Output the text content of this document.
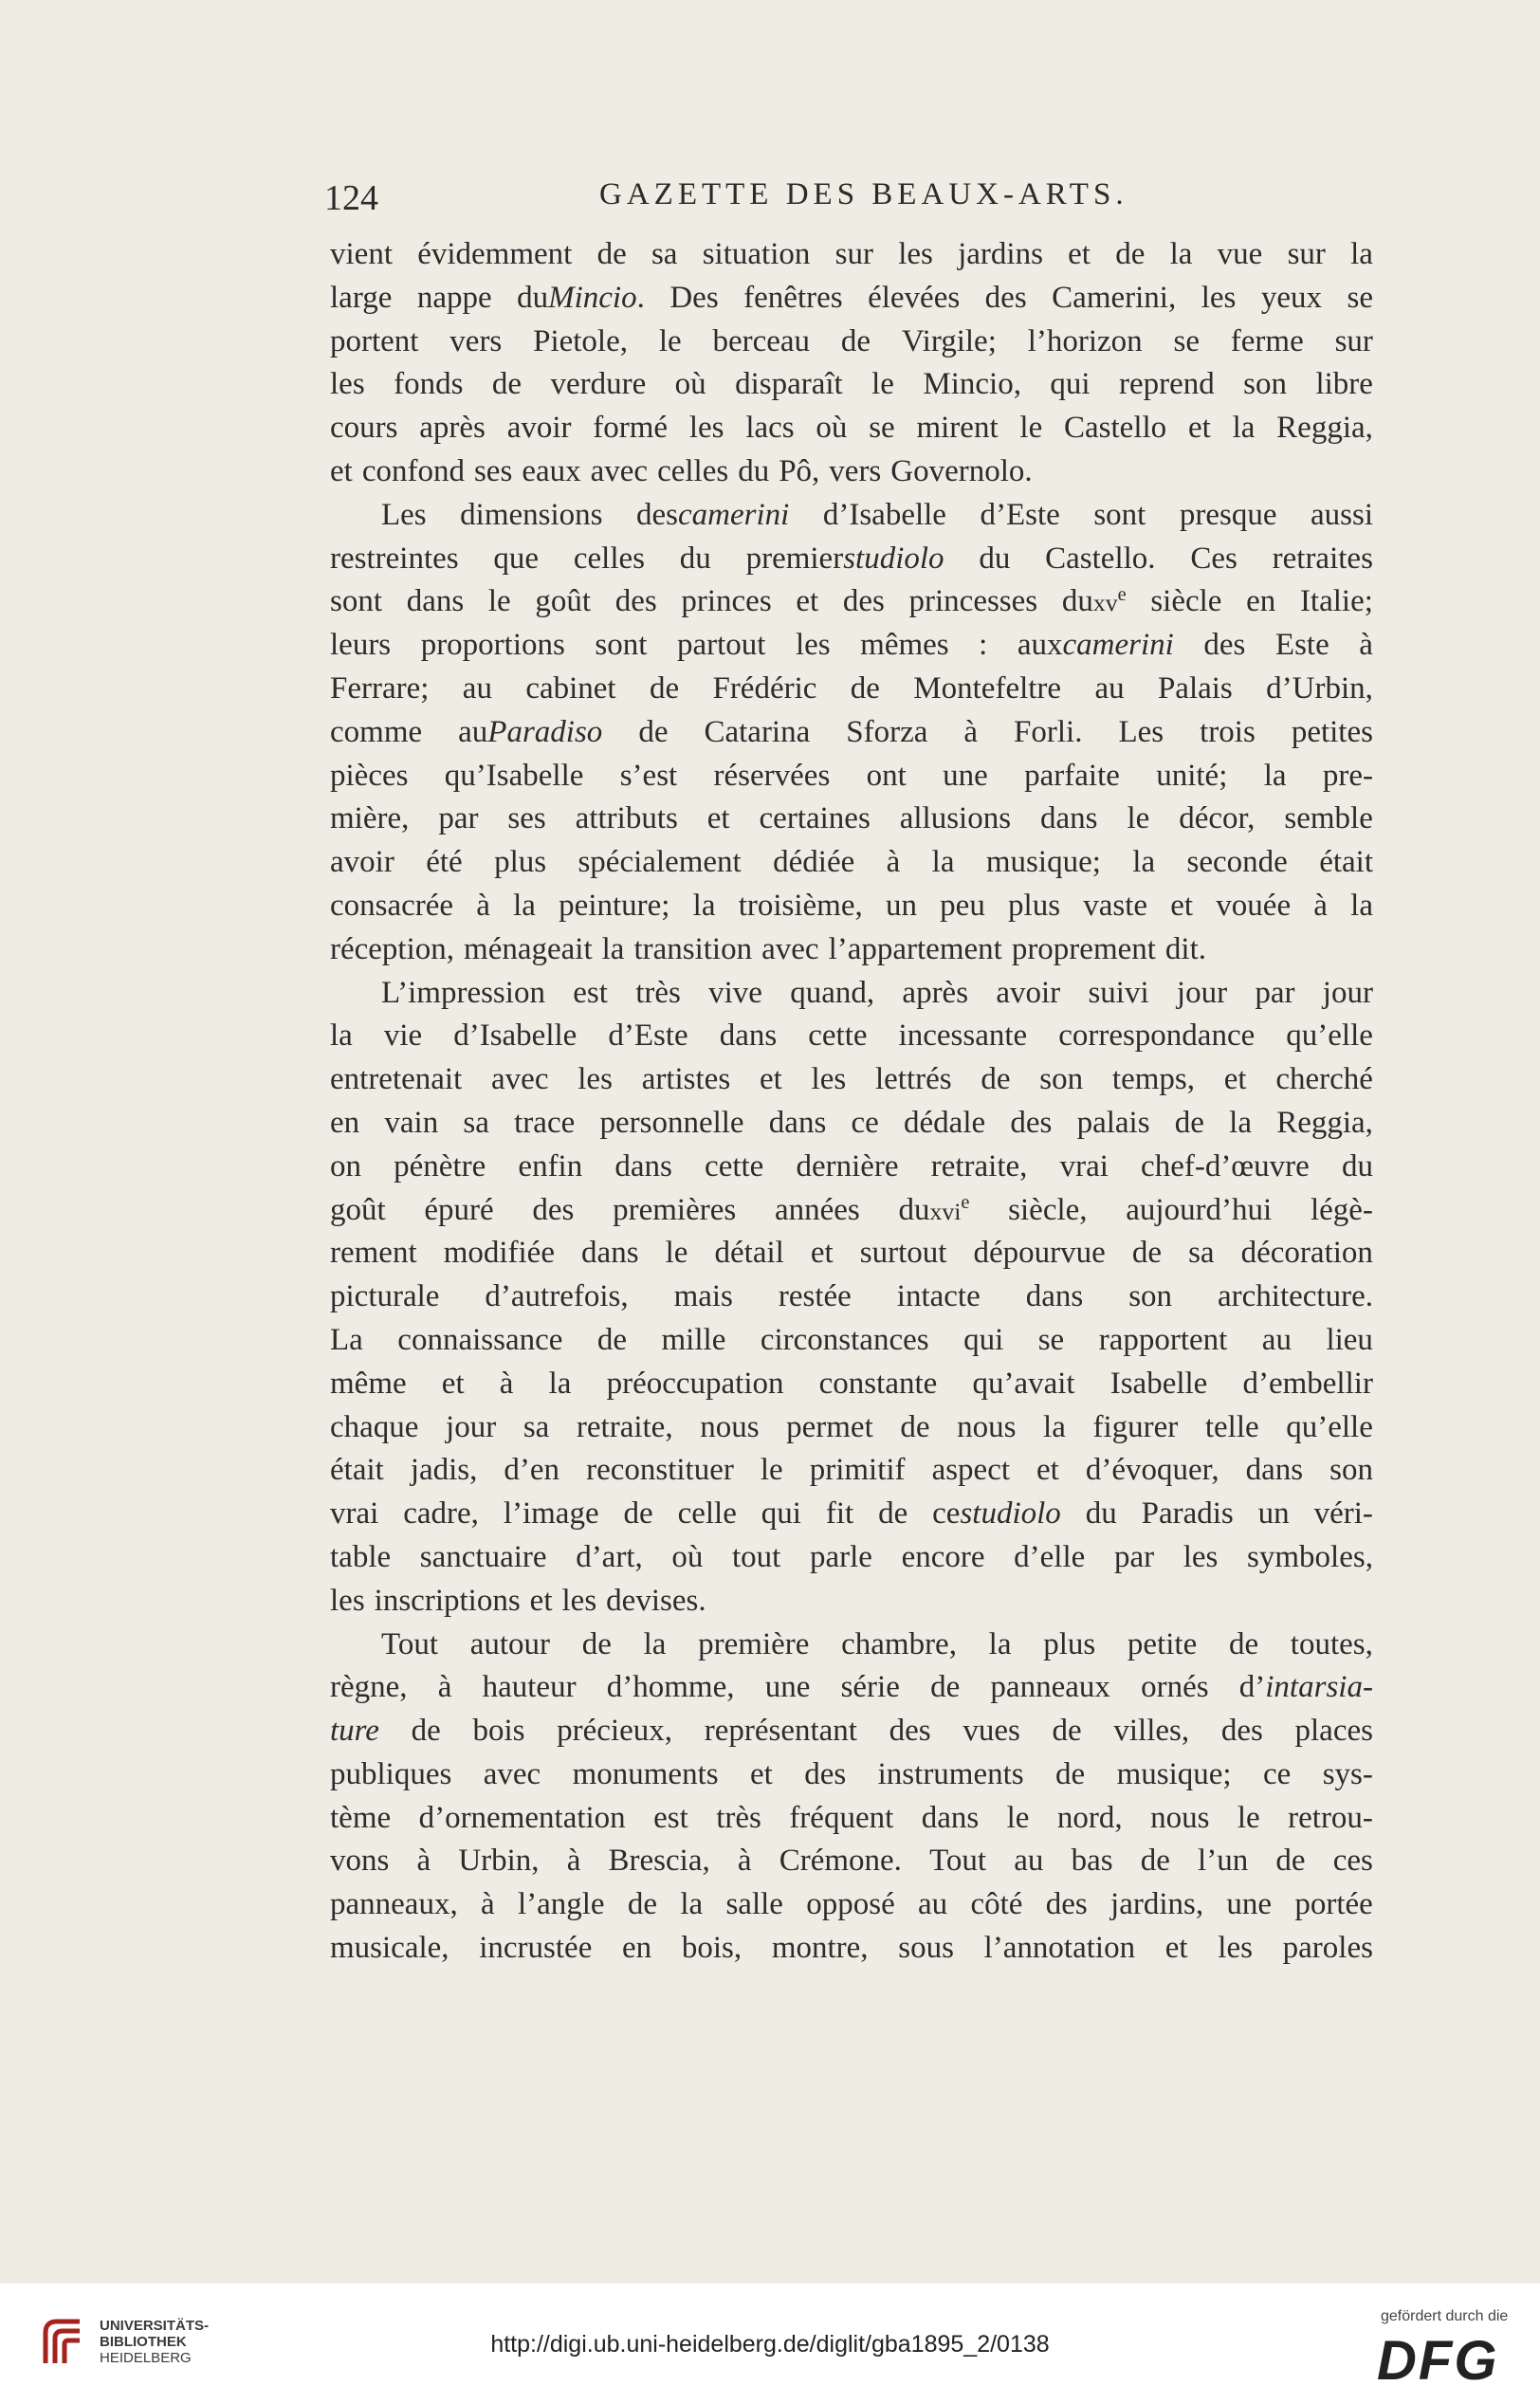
124	GAZETTE DES BEAUX-ARTS.
vient évidemment de sa situation sur les jardins et de la vue sur la
large nappe duMincio. Des fenêtres élevées des Camerini, les yeux se
portent vers Pietole, le berceau de Virgile; l’horizon se ferme sur
les fonds de verdure où disparaît le Mincio, qui reprend son libre
cours après avoir formé les lacs où se mirent le Castello et la Reggia,
et confond ses eaux avec celles du Pô, vers Governolo.
Les dimensions descamerini d’Isabelle d’Este sont presque aussi
restreintes que celles du premierstudiolo du Castello. Ces retraites
sont dans le goût des princes et des princesses duxve siècle en Italie;
leurs proportions sont partout les mêmes : auxcamerini des Este à
Ferrare; au cabinet de Frédéric de Montefeltre au Palais d’Urbin,
comme auParadiso de Catarina Sforza à Forli. Les trois petites
pièces qu’Isabelle s’est réservées ont une parfaite unité; la pre-
mière, par ses attributs et certaines allusions dans le décor, semble
avoir été plus spécialement dédiée à la musique; la seconde était
consacrée à la peinture; la troisième, un peu plus vaste et vouée à la
réception, ménageait la transition avec l’appartement proprement dit.
L’impression est très vive quand, après avoir suivi jour par jour
la vie d’Isabelle d’Este dans cette incessante correspondance qu’elle
entretenait avec les artistes et les lettrés de son temps, et cherché
en vain sa trace personnelle dans ce dédale des palais de la Reggia,
on pénètre enfin dans cette dernière retraite, vrai chef-d’œuvre du
goût épuré des premières années duxvie siècle, aujourd’hui légè-
rement modifiée dans le détail et surtout dépourvue de sa décoration
picturale d’autrefois, mais restée intacte dans son architecture.
La connaissance de mille circonstances qui se rapportent au lieu
même et à la préoccupation constante qu’avait Isabelle d’embellir
chaque jour sa retraite, nous permet de nous la figurer telle qu’elle
était jadis, d’en reconstituer le primitif aspect et d’évoquer, dans son
vrai cadre, l’image de celle qui fit de cestudiolo du Paradis un véri-
table sanctuaire d’art, où tout parle encore d’elle par les symboles,
les inscriptions et les devises.
Tout autour de la première chambre, la plus petite de toutes,
règne, à hauteur d’homme, une série de panneaux ornés d’intarsia-
ture de bois précieux, représentant des vues de villes, des places
publiques avec monuments et des instruments de musique; ce sys-
tème d’ornementation est très fréquent dans le nord, nous le retrou-
vons à Urbin, à Brescia, à Crémone. Tout au bas de l’un de ces
panneaux, à l’angle de la salle opposé au côté des jardins, une portée
musicale, incrustée en bois, montre, sous l’annotation et les paroles
UNIVERSITÄTS-
BIBLIOTHEK
HEIDELBERG
http://digi.ub.uni-heidelberg.de/diglit/gba1895_2/0138
gefördert durch die
DFG
